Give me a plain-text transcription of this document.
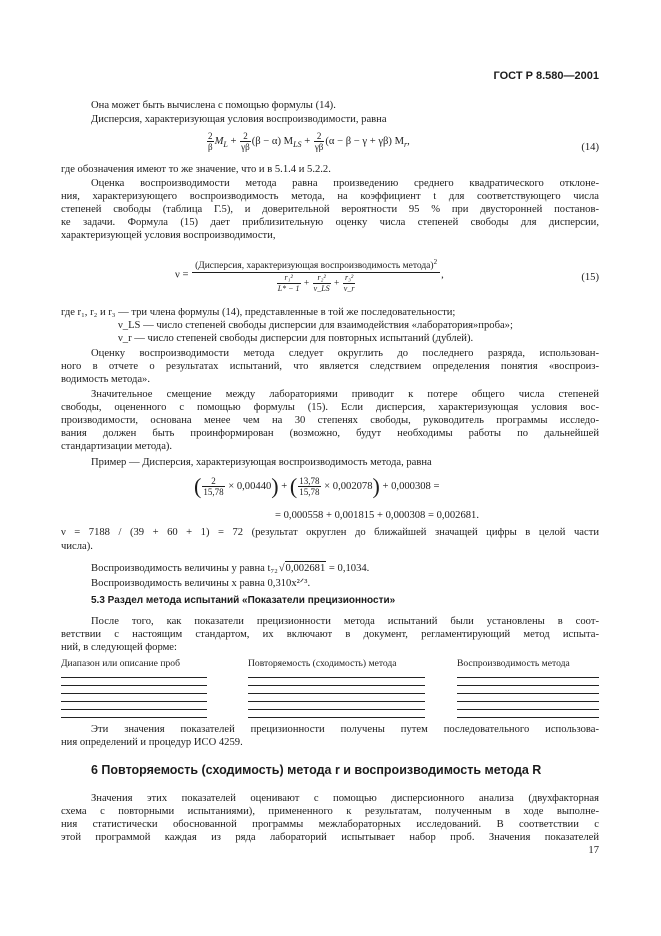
ГОСТ Р 8.580—2001
Она может быть вычислена с помощью формулы (14).
Дисперсия, характеризующая условия воспроизводимости, равна
$\frac{2}{\beta} M_L + \frac{2}{\gamma\beta} (\beta - \alpha) M_{LS} + \frac{2}{\gamma\beta} (\alpha - \beta - \gamma + \gamma\beta)$ $M_r$,
(14)
где обозначения имеют то же значение, что и в 5.1.4 и 5.2.2.
Оценка воспроизводимости метода равна произведению среднего квадратического отклоне-
ния, характеризующего воспроизводимость метода, на коэффициент t для соответствующего числа
степеней свободы (таблица Г.5), и доверительной вероятности 95 % при двусторонней постанов-
ке задачи. Формула (15) дает приблизительную оценку числа степеней свободы для дисперсии,
характеризующей условия воспроизводимости,
$\nu = \frac{(Дисперсия, характеризующая воспроизводимость метода)^2}{\frac{\text{r₁²}}{L* - 1} + \frac{\text{r₂²}}{\nu\_LS} + \frac{\text{r₃²}}{\nu\_r}}$ ,	(15)
где r₁, r₂ и r₃ — три члена формулы (14), представленные в той же последовательности;
ν_LS — число степеней свободы дисперсии для взаимодействия «лаборатория»проба»;
ν_r — число степеней свободы дисперсии для повторных испытаний (дублей).
Оценку воспроизводимости метода следует округлить до последнего разряда, использован-
ного в отчете о результатах испытаний, что является следствием определения понятия «воспроиз-
водимость метода».
Значительное смещение между лабораториями приводит к потере общего числа степеней
свободы, оцененного с помощью формулы (15). Если дисперсия, характеризующая условия вос-
производимости, основана менее чем на 30 степенях свободы, руководитель программы исследо-
вания должен быть проинформирован (возможно, будут необходимы работы по дальнейшей
стандартизации метода).
Пример — Дисперсия, характеризующая воспроизводимость метода, равна
( $\frac{2}{15,78} \times 0,00440$) + ( $\frac{13,78}{15,78} \times 0,002078) + 0,000308$ =
= 0,000558 + 0,001815 + 0,000308 = 0,002681.
ν = 7188 / (39 + 60 + 1) = 72 (результат округлен до ближайшей значащей цифры в целой части
числа).
Воспроизводимость величины y равна t₇₂ √0,002681 = 0,1034.
Воспроизводимость величины x равна 0,310x²ᐟ³.
5.3 Раздел метода испытаний «Показатели прецизионности»
После того, как показатели прецизионности метода испытаний были установлены в соот-
ветствии с настоящим стандартом, их включают в документ, регламентирующий метод испыта-
ний, в следующей форме:
Диапазон или описание проб	Повторяемость (сходимость) метода	Воспроизводимость метода
Эти значения показателей прецизионности получены путем последовательного использова-
ния определений и процедур ИСО 4259.
6 Повторяемость (сходимость) метода r и воспроизводимость метода R
Значения этих показателей оценивают с помощью дисперсионного анализа (двухфакторная
схема с повторными испытаниями), примененного к результатам, полученным в ходе выполне-
ния статистически обоснованной программы межлабораторных исследований. В соответствии с
этой программой каждая из ряда лабораторий испытывает набор проб. Значения показателей
17
